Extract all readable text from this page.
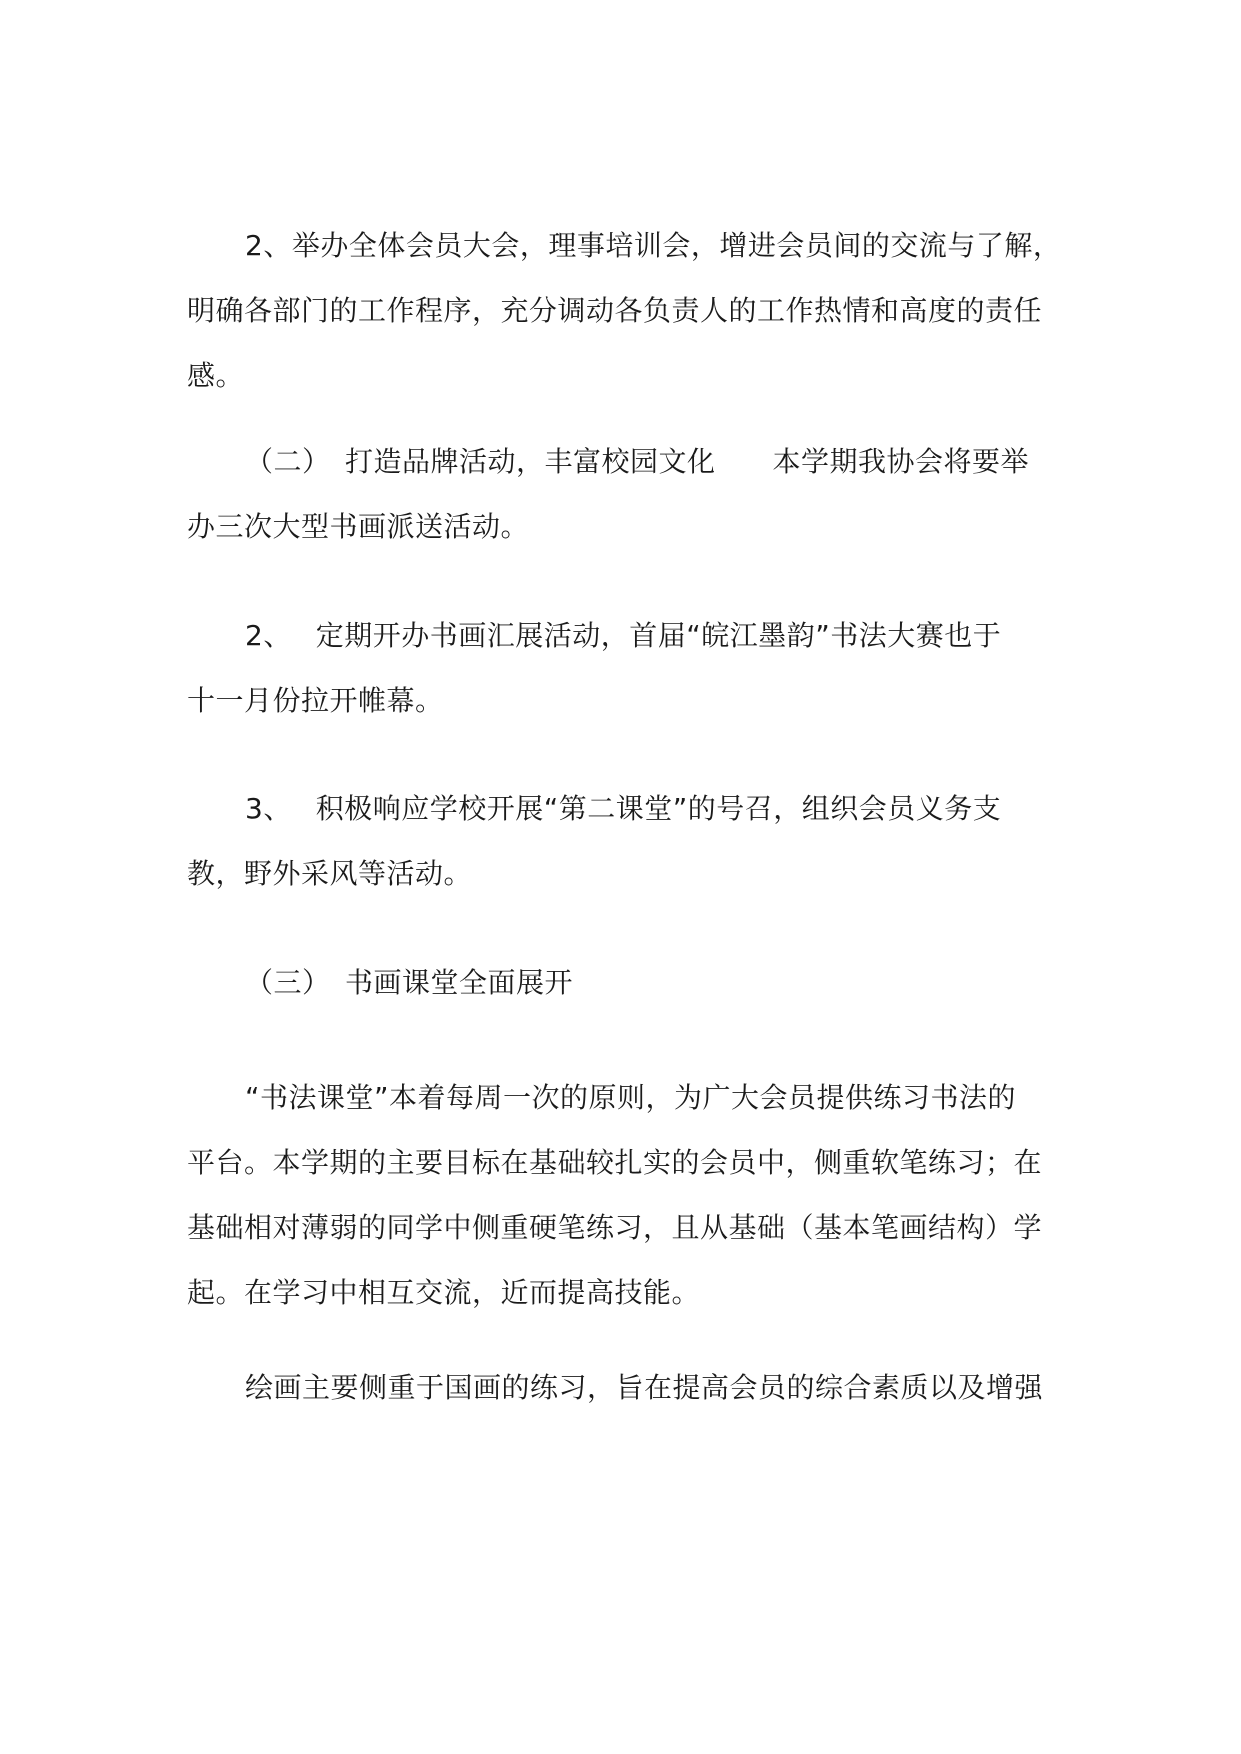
2、举办全体会员大会，理事培训会，增进会员间的交流与了解，
明确各部门的工作程序，充分调动各负责人的工作热情和高度的责任
感。

（二）　打造品牌活动，丰富校园文化　　本学期我协会将要举
办三次大型书画派送活动。

2、　 定期开办书画汇展活动，首届“皖江墨韵”书法大赛也于
十一月份拉开帷幕。

3、　 积极响应学校开展“第二课堂”的号召，组织会员义务支
教，野外采风等活动。

（三）　书画课堂全面展开

“书法课堂”本着每周一次的原则，为广大会员提供练习书法的
平台。本学期的主要目标在基础较扎实的会员中，侧重软笔练习；在
基础相对薄弱的同学中侧重硬笔练习，且从基础（基本笔画结构）学
起。在学习中相互交流，近而提高技能。

绘画主要侧重于国画的练习，旨在提高会员的综合素质以及增强
